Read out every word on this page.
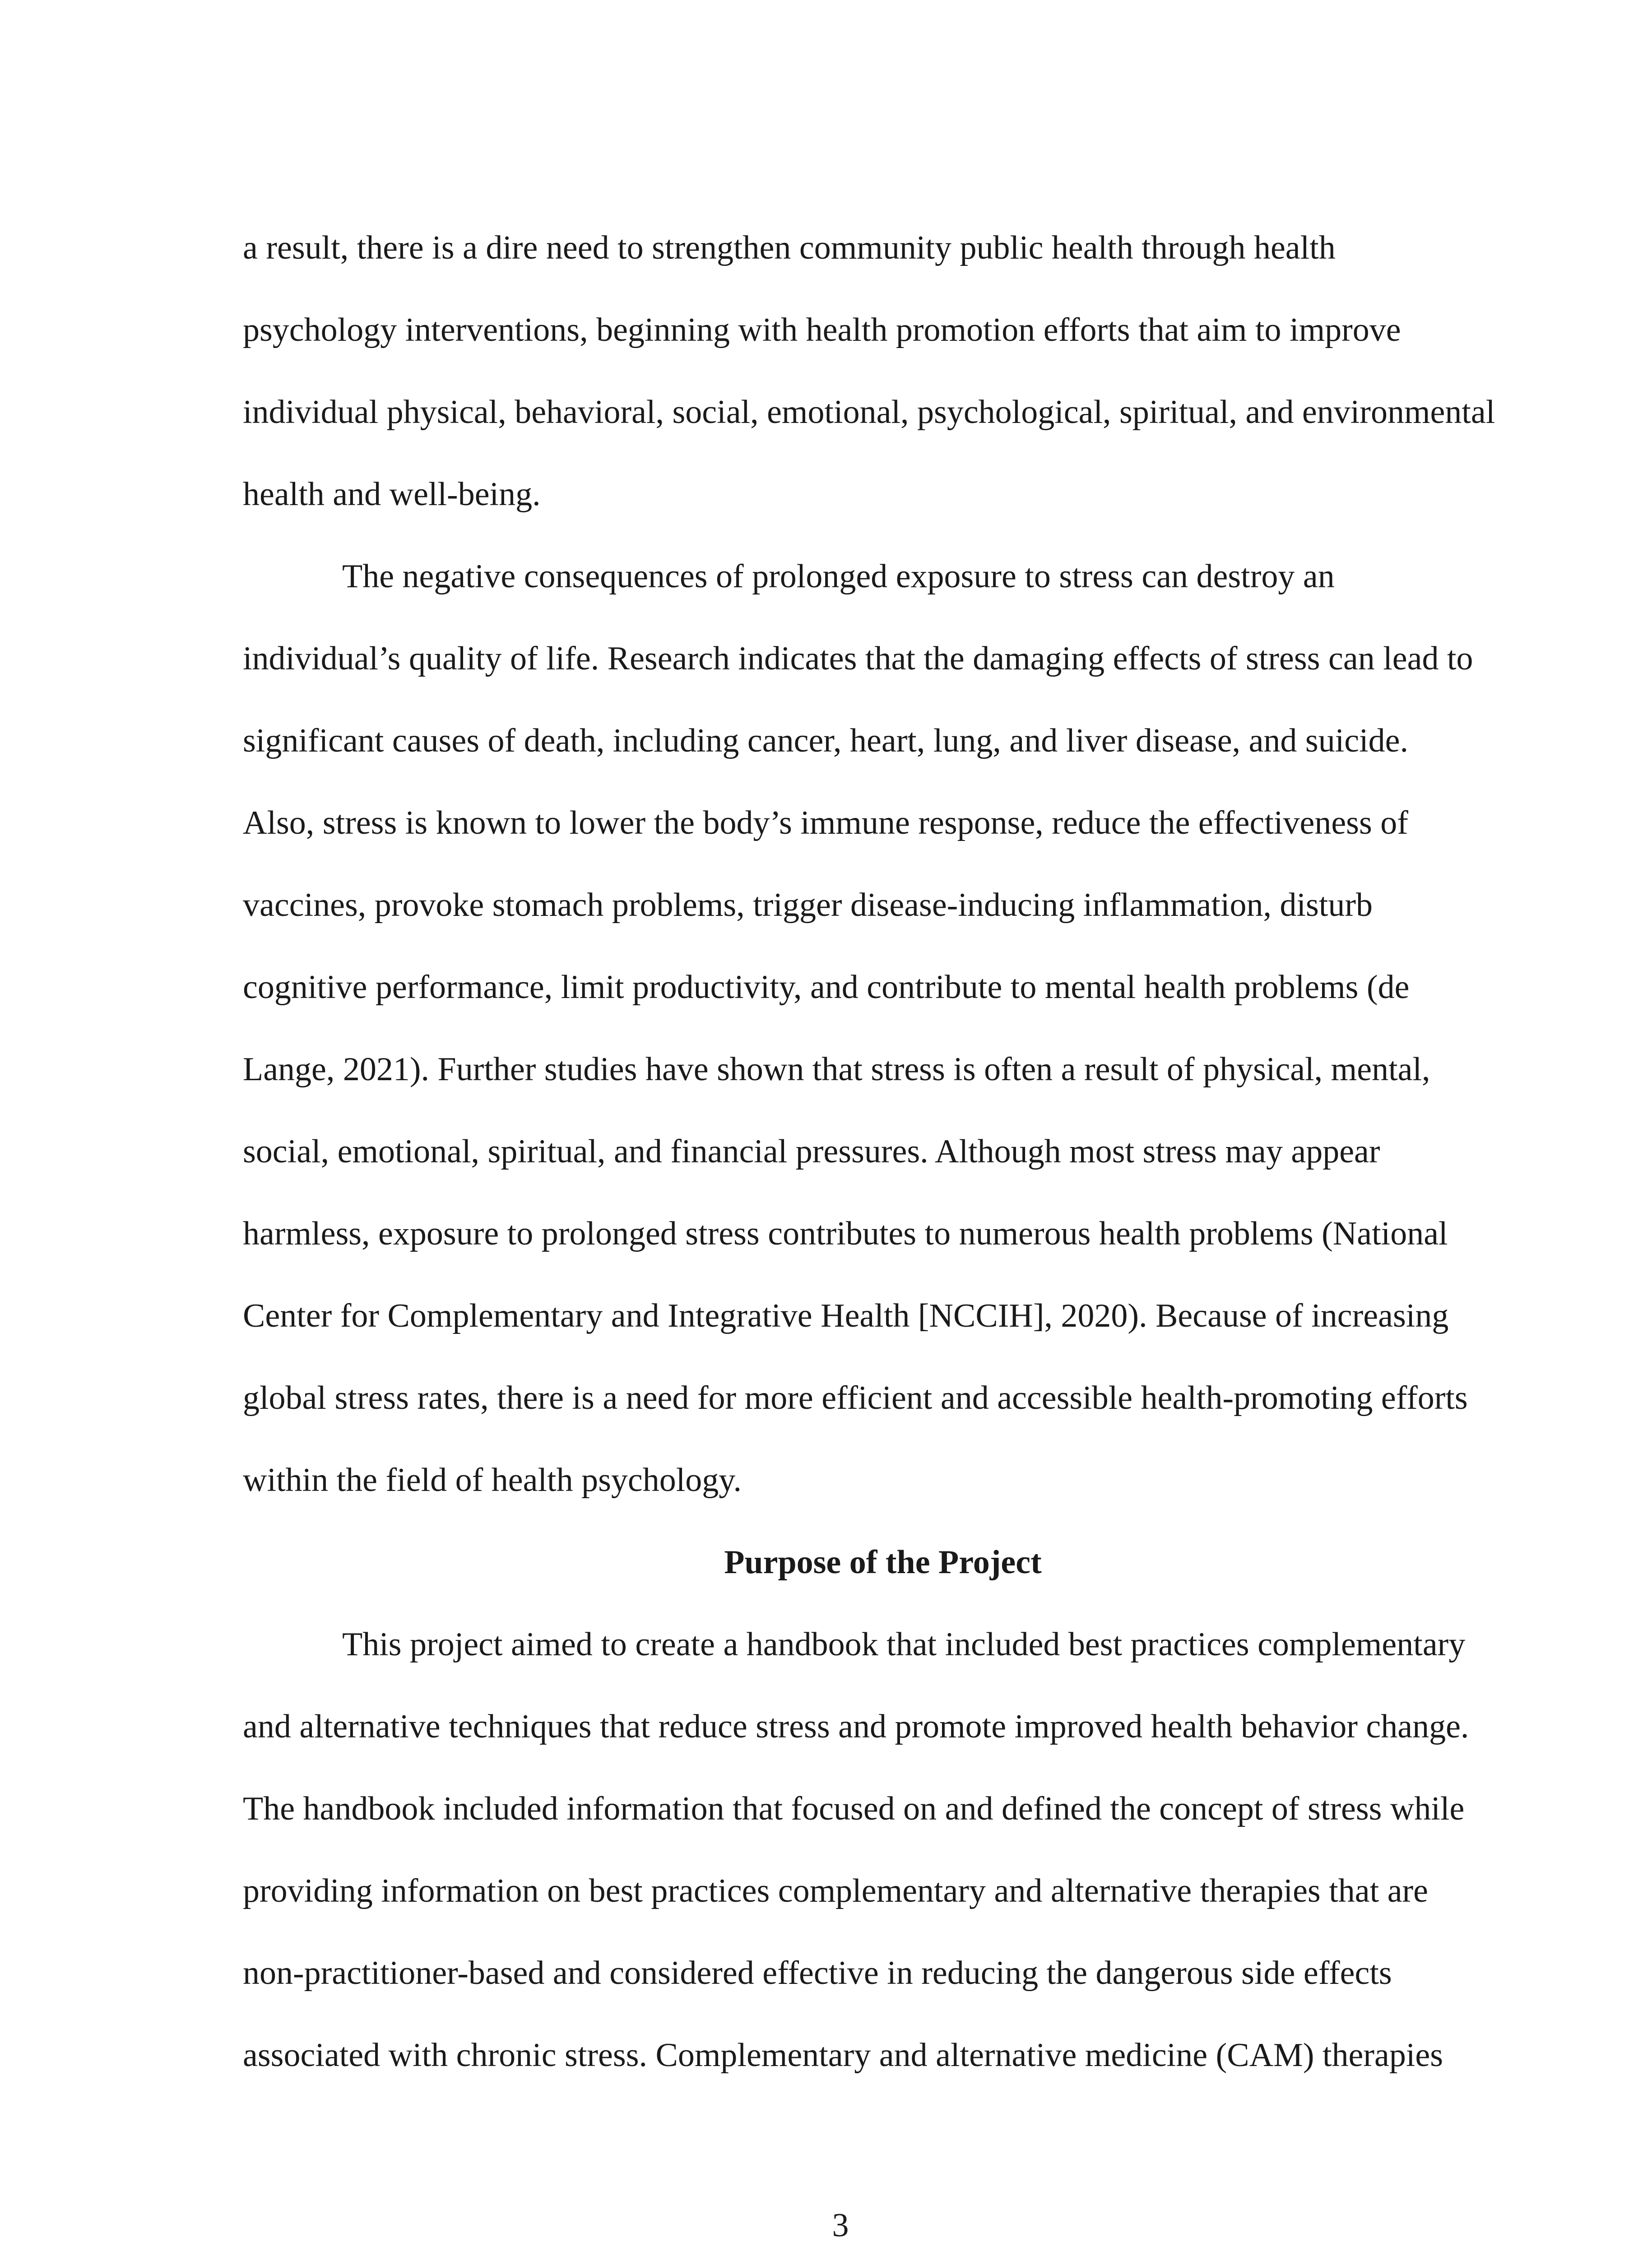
a result, there is a dire need to strengthen community public health through health
psychology interventions, beginning with health promotion efforts that aim to improve
individual physical, behavioral, social, emotional, psychological, spiritual, and environmental
health and well-being.
The negative consequences of prolonged exposure to stress can destroy an
individual’s quality of life. Research indicates that the damaging effects of stress can lead to
significant causes of death, including cancer, heart, lung, and liver disease, and suicide.
Also, stress is known to lower the body’s immune response, reduce the effectiveness of
vaccines, provoke stomach problems, trigger disease-inducing inflammation, disturb
cognitive performance, limit productivity, and contribute to mental health problems (de
Lange, 2021). Further studies have shown that stress is often a result of physical, mental,
social, emotional, spiritual, and financial pressures. Although most stress may appear
harmless, exposure to prolonged stress contributes to numerous health problems (National
Center for Complementary and Integrative Health [NCCIH], 2020). Because of increasing
global stress rates, there is a need for more efficient and accessible health-promoting efforts
within the field of health psychology.
Purpose of the Project
This project aimed to create a handbook that included best practices complementary
and alternative techniques that reduce stress and promote improved health behavior change.
The handbook included information that focused on and defined the concept of stress while
providing information on best practices complementary and alternative therapies that are
non-practitioner-based and considered effective in reducing the dangerous side effects
associated with chronic stress. Complementary and alternative medicine (CAM) therapies
3
